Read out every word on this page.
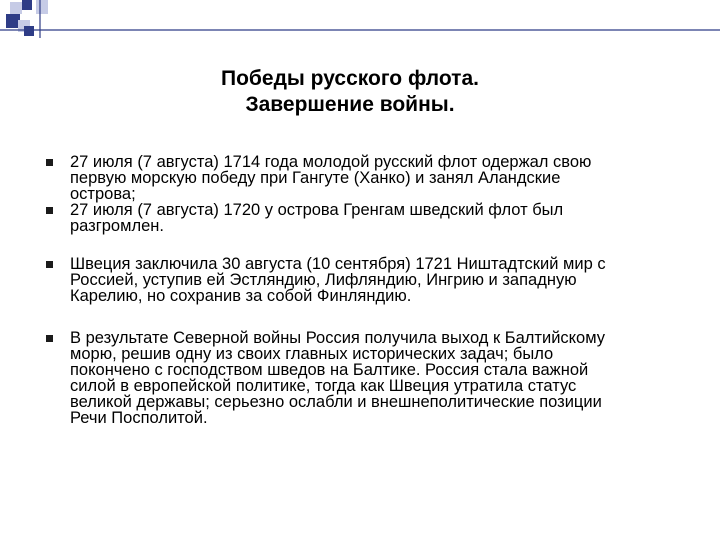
Победы русского флота.
Завершение войны.
27 июля (7 августа) 1714 года молодой русский флот одержал свою
первую морскую победу при Гангуте (Ханко) и занял Аландские
острова;
27 июля (7 августа) 1720 у острова Гренгам шведский флот был
разгромлен.
Швеция заключила 30 августа (10 сентября) 1721 Ништадтский мир с
Россией, уступив ей Эстляндию, Лифляндию, Ингрию и западную
Карелию, но сохранив за собой Финляндию.
В результате Северной войны Россия получила выход к Балтийскому
морю, решив одну из своих главных исторических задач; было
покончено с господством шведов на Балтике. Россия стала важной
силой в европейской политике, тогда как Швеция утратила статус
великой державы; серьезно ослабли и внешнеполитические позиции
Речи Посполитой.
